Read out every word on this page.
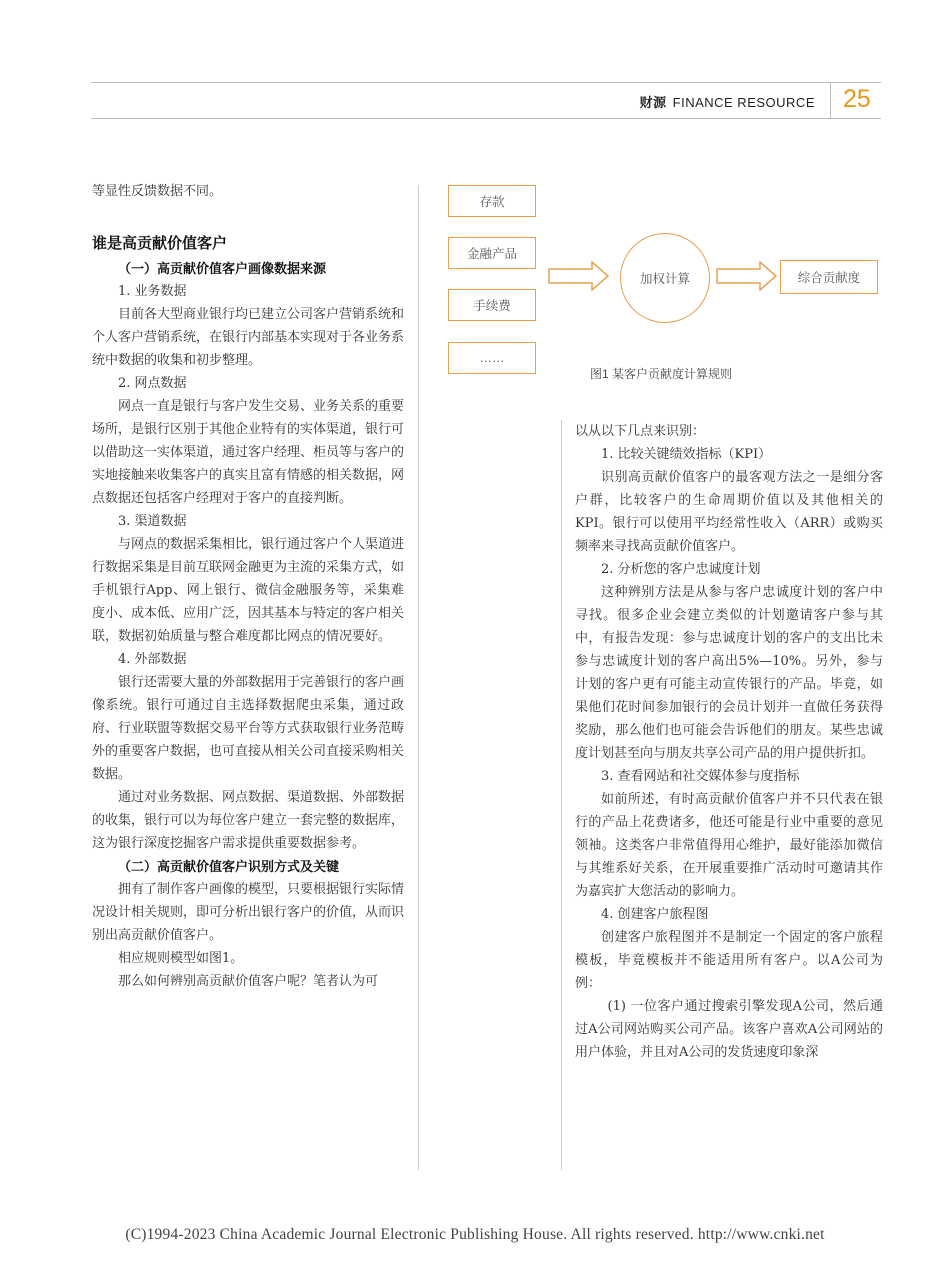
财源 FINANCE RESOURCE 25

等显性反馈数据不同。

谁是高贡献价值客户

（一）高贡献价值客户画像数据来源

1. 业务数据

目前各大型商业银行均已建立公司客户营销系统和个人客户营销系统，在银行内部基本实现对于各业务系统中数据的收集和初步整理。

2. 网点数据

网点一直是银行与客户发生交易、业务关系的重要场所，是银行区别于其他企业特有的实体渠道，银行可以借助这一实体渠道，通过客户经理、柜员等与客户的实地接触来收集客户的真实且富有情感的相关数据，网点数据还包括客户经理对于客户的直接判断。

3. 渠道数据

与网点的数据采集相比，银行通过客户个人渠道进行数据采集是目前互联网金融更为主流的采集方式，如手机银行App、网上银行、微信金融服务等，采集难度小、成本低、应用广泛，因其基本与特定的客户相关联，数据初始质量与整合难度都比网点的情况要好。

4. 外部数据

银行还需要大量的外部数据用于完善银行的客户画像系统。银行可通过自主选择数据爬虫采集，通过政府、行业联盟等数据交易平台等方式获取银行业务范畴外的重要客户数据，也可直接从相关公司直接采购相关数据。

通过对业务数据、网点数据、渠道数据、外部数据的收集，银行可以为每位客户建立一套完整的数据库，这为银行深度挖掘客户需求提供重要数据参考。

（二）高贡献价值客户识别方式及关键

拥有了制作客户画像的模型，只要根据银行实际情况设计相关规则，即可分析出银行客户的价值，从而识别出高贡献价值客户。

相应规则模型如图1。

那么如何辨别高贡献价值客户呢？笔者认为可

存款
金融产品
手续费
……
加权计算	综合贡献度
图1 某客户贡献度计算规则

以从以下几点来识别：

1. 比较关键绩效指标（KPI）

识别高贡献价值客户的最客观方法之一是细分客户群，比较客户的生命周期价值以及其他相关的KPI。银行可以使用平均经常性收入（ARR）或购买频率来寻找高贡献价值客户。

2. 分析您的客户忠诚度计划

这种辨别方法是从参与客户忠诚度计划的客户中寻找。很多企业会建立类似的计划邀请客户参与其中，有报告发现：参与忠诚度计划的客户的支出比未参与忠诚度计划的客户高出5%—10%。另外，参与计划的客户更有可能主动宣传银行的产品。毕竟，如果他们花时间参加银行的会员计划并一直做任务获得奖励，那么他们也可能会告诉他们的朋友。某些忠诚度计划甚至向与朋友共享公司产品的用户提供折扣。

3. 查看网站和社交媒体参与度指标

如前所述，有时高贡献价值客户并不只代表在银行的产品上花费诸多，他还可能是行业中重要的意见领袖。这类客户非常值得用心维护，最好能添加微信与其维系好关系，在开展重要推广活动时可邀请其作为嘉宾扩大您活动的影响力。

4. 创建客户旅程图

创建客户旅程图并不是制定一个固定的客户旅程模板，毕竟模板并不能适用所有客户。以A公司为例：

(1) 一位客户通过搜索引擎发现A公司，然后通过A公司网站购买公司产品。该客户喜欢A公司网站的用户体验，并且对A公司的发货速度印象深

(C)1994-2023 China Academic Journal Electronic Publishing House. All rights reserved. http://www.cnki.net
